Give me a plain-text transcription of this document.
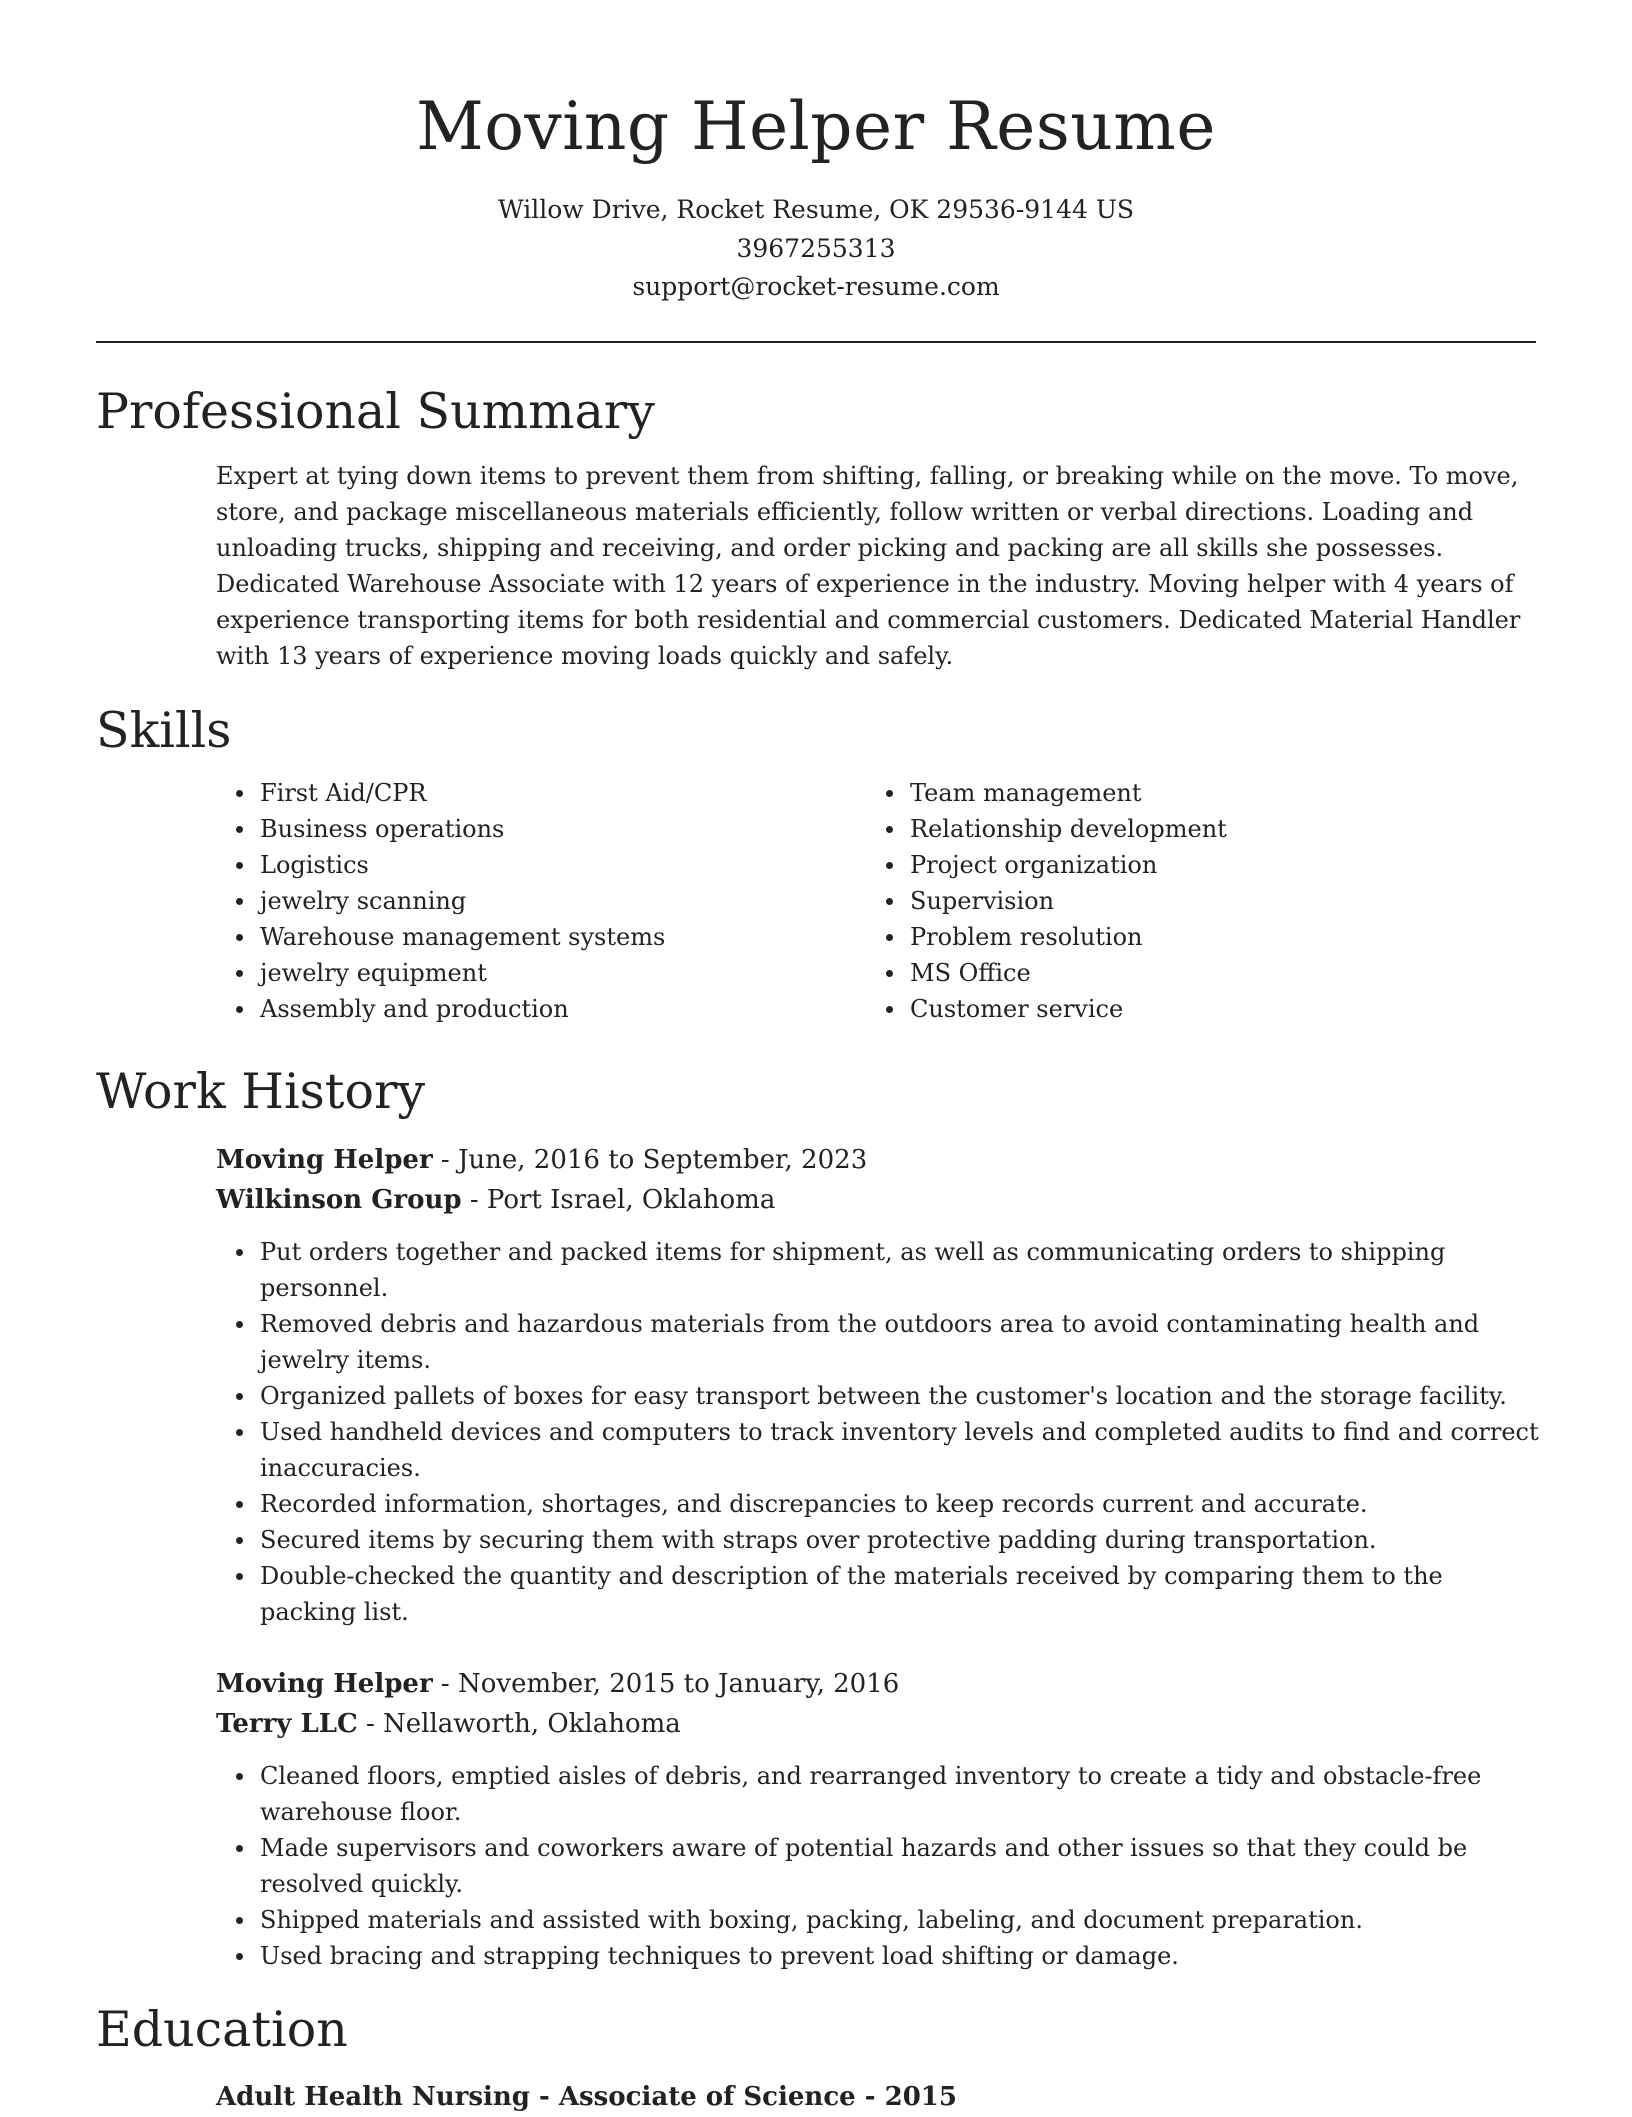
Moving Helper Resume
Willow Drive, Rocket Resume, OK 29536-9144 US
3967255313
support@rocket-resume.com
Professional Summary

Expert at tying down items to prevent them from shifting, falling, or breaking while on the move. To move, store, and package miscellaneous materials efficiently, follow written or verbal directions. Loading and unloading trucks, shipping and receiving, and order picking and packing are all skills she possesses. Dedicated Warehouse Associate with 12 years of experience in the industry. Moving helper with 4 years of experience transporting items for both residential and commercial customers. Dedicated Material Handler with 13 years of experience moving loads quickly and safely.

Skills
First Aid/CPR
Business operations
Logistics
jewelry scanning
Warehouse management systems
jewelry equipment
Assembly and production
Team management
Relationship development
Project organization
Supervision
Problem resolution
MS Office
Customer service
Work History
Moving Helper - June, 2016 to September, 2023
Wilkinson Group - Port Israel, Oklahoma
Put orders together and packed items for shipment, as well as communicating orders to shipping personnel.
Removed debris and hazardous materials from the outdoors area to avoid contaminating health and jewelry items.
Organized pallets of boxes for easy transport between the customer's location and the storage facility.
Used handheld devices and computers to track inventory levels and completed audits to find and correct inaccuracies.
Recorded information, shortages, and discrepancies to keep records current and accurate.
Secured items by securing them with straps over protective padding during transportation.
Double-checked the quantity and description of the materials received by comparing them to the packing list.
Moving Helper - November, 2015 to January, 2016
Terry LLC - Nellaworth, Oklahoma
Cleaned floors, emptied aisles of debris, and rearranged inventory to create a tidy and obstacle-free warehouse floor.
Made supervisors and coworkers aware of potential hazards and other issues so that they could be resolved quickly.
Shipped materials and assisted with boxing, packing, labeling, and document preparation.
Used bracing and strapping techniques to prevent load shifting or damage.
Education
Adult Health Nursing - Associate of Science - 2015
